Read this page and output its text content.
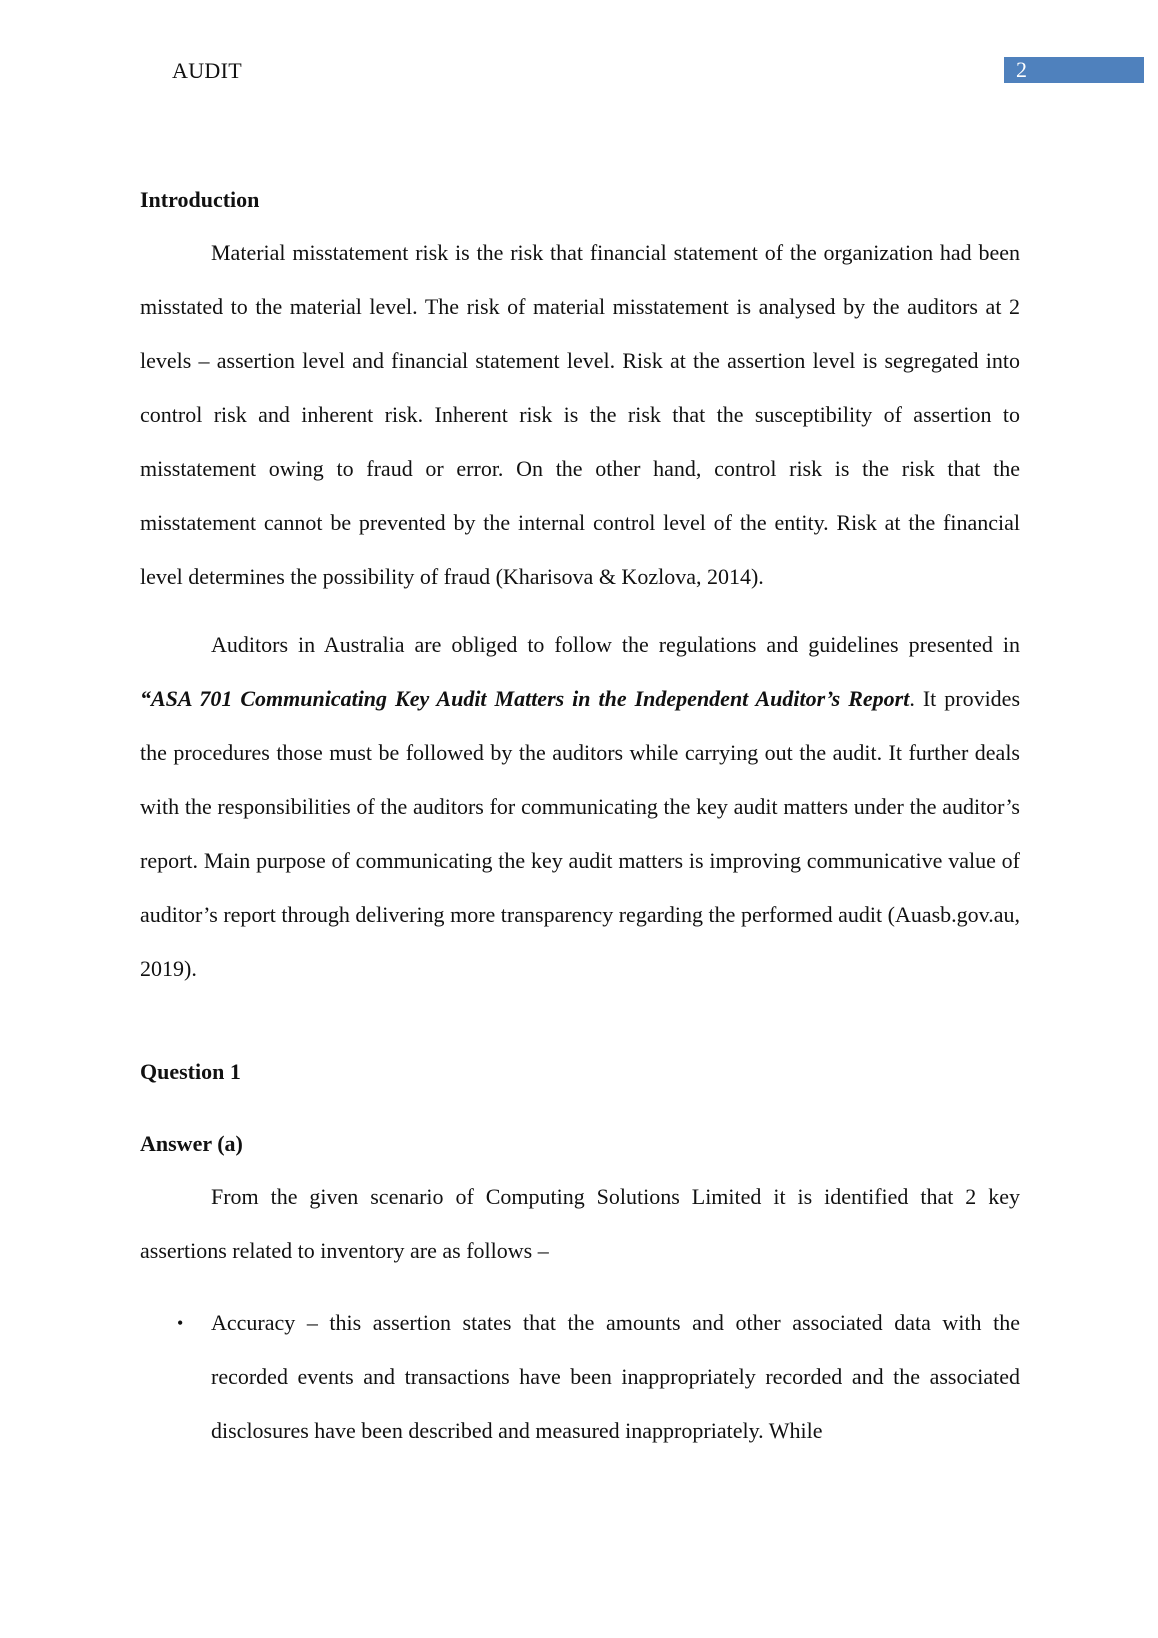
AUDIT	2

Introduction

Material misstatement risk is the risk that financial statement of the organization had been misstated to the material level. The risk of material misstatement is analysed by the auditors at 2 levels – assertion level and financial statement level. Risk at the assertion level is segregated into control risk and inherent risk. Inherent risk is the risk that the susceptibility of assertion to misstatement owing to fraud or error. On the other hand, control risk is the risk that the misstatement cannot be prevented by the internal control level of the entity. Risk at the financial level determines the possibility of fraud (Kharisova & Kozlova, 2014).

Auditors in Australia are obliged to follow the regulations and guidelines presented in “ASA 701 Communicating Key Audit Matters in the Independent Auditor’s Report. It provides the procedures those must be followed by the auditors while carrying out the audit. It further deals with the responsibilities of the auditors for communicating the key audit matters under the auditor’s report. Main purpose of communicating the key audit matters is improving communicative value of auditor’s report through delivering more transparency regarding the performed audit (Auasb.gov.au, 2019).

Question 1

Answer (a)

From the given scenario of Computing Solutions Limited it is identified that 2 key assertions related to inventory are as follows –

• Accuracy – this assertion states that the amounts and other associated data with the recorded events and transactions have been inappropriately recorded and the associated disclosures have been described and measured inappropriately. While
